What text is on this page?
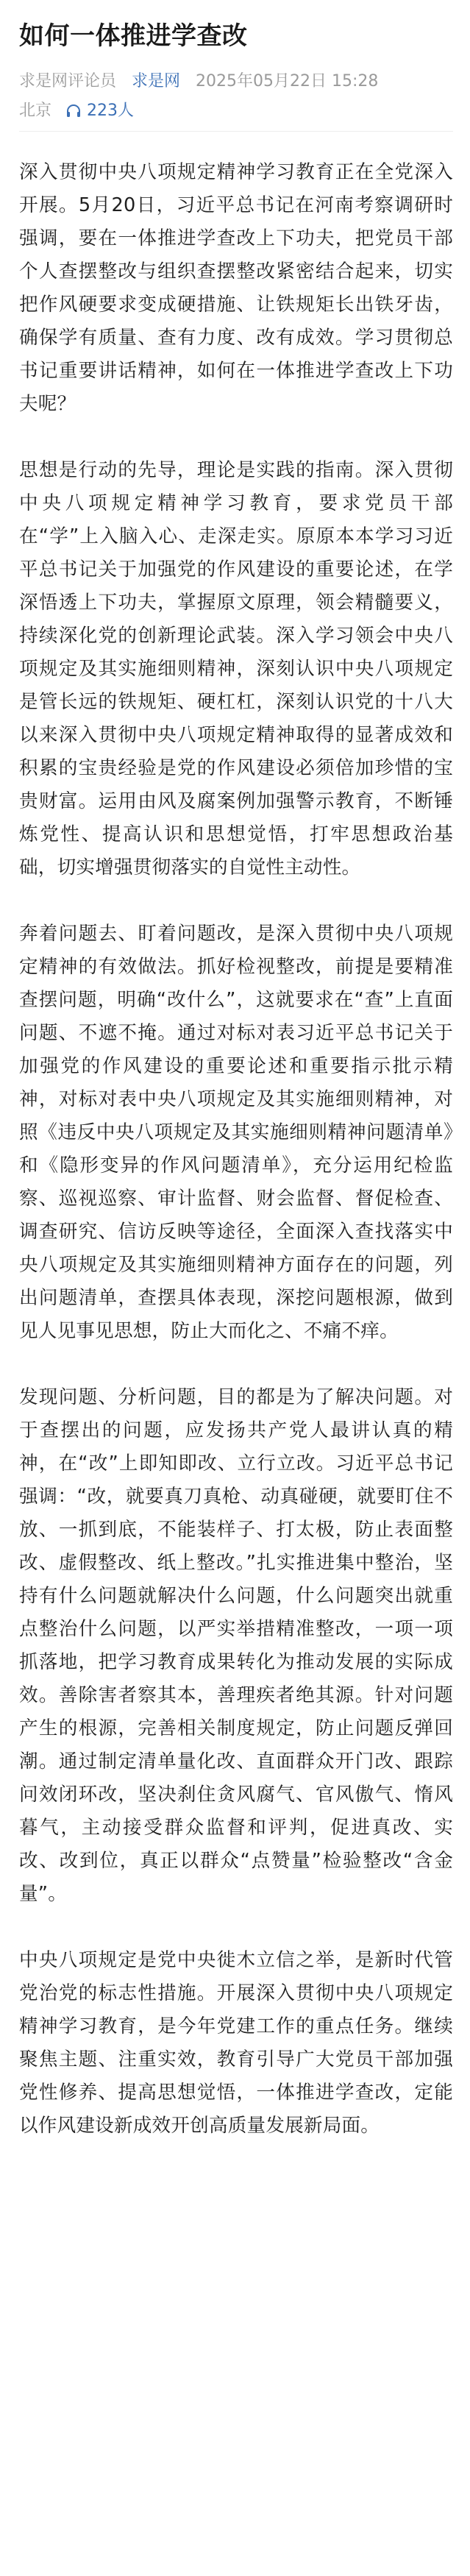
如何一体推进学查改
求是网评论员 求是网 2025年05月22日 15:28
北京 223人

深入贯彻中央八项规定精神学习教育正在全党深入开展。5月20日，习近平总书记在河南考察调研时强调，要在一体推进学查改上下功夫，把党员干部个人查摆整改与组织查摆整改紧密结合起来，切实把作风硬要求变成硬措施、让铁规矩长出铁牙齿，确保学有质量、查有力度、改有成效。学习贯彻总书记重要讲话精神，如何在一体推进学查改上下功夫呢？

思想是行动的先导，理论是实践的指南。深入贯彻中央八项规定精神学习教育，要求党员干部在“学”上入脑入心、走深走实。原原本本学习习近平总书记关于加强党的作风建设的重要论述，在学深悟透上下功夫，掌握原文原理，领会精髓要义，持续深化党的创新理论武装。深入学习领会中央八项规定及其实施细则精神，深刻认识中央八项规定是管长远的铁规矩、硬杠杠，深刻认识党的十八大以来深入贯彻中央八项规定精神取得的显著成效和积累的宝贵经验是党的作风建设必须倍加珍惜的宝贵财富。运用由风及腐案例加强警示教育，不断锤炼党性、提高认识和思想觉悟，打牢思想政治基础，切实增强贯彻落实的自觉性主动性。

奔着问题去、盯着问题改，是深入贯彻中央八项规定精神的有效做法。抓好检视整改，前提是要精准查摆问题，明确“改什么”，这就要求在“查”上直面问题、不遮不掩。通过对标对表习近平总书记关于加强党的作风建设的重要论述和重要指示批示精神，对标对表中央八项规定及其实施细则精神，对照《违反中央八项规定及其实施细则精神问题清单》和《隐形变异的作风问题清单》，充分运用纪检监察、巡视巡察、审计监督、财会监督、督促检查、调查研究、信访反映等途径，全面深入查找落实中央八项规定及其实施细则精神方面存在的问题，列出问题清单，查摆具体表现，深挖问题根源，做到见人见事见思想，防止大而化之、不痛不痒。

发现问题、分析问题，目的都是为了解决问题。对于查摆出的问题，应发扬共产党人最讲认真的精神，在“改”上即知即改、立行立改。习近平总书记强调：“改，就要真刀真枪、动真碰硬，就要盯住不放、一抓到底，不能装样子、打太极，防止表面整改、虚假整改、纸上整改。”扎实推进集中整治，坚持有什么问题就解决什么问题，什么问题突出就重点整治什么问题，以严实举措精准整改，一项一项抓落地，把学习教育成果转化为推动发展的实际成效。善除害者察其本，善理疾者绝其源。针对问题产生的根源，完善相关制度规定，防止问题反弹回潮。通过制定清单量化改、直面群众开门改、跟踪问效闭环改，坚决刹住贪风腐气、官风傲气、惰风暮气，主动接受群众监督和评判，促进真改、实改、改到位，真正以群众“点赞量”检验整改“含金量”。

中央八项规定是党中央徙木立信之举，是新时代管党治党的标志性措施。开展深入贯彻中央八项规定精神学习教育，是今年党建工作的重点任务。继续聚焦主题、注重实效，教育引导广大党员干部加强党性修养、提高思想觉悟，一体推进学查改，定能以作风建设新成效开创高质量发展新局面。
